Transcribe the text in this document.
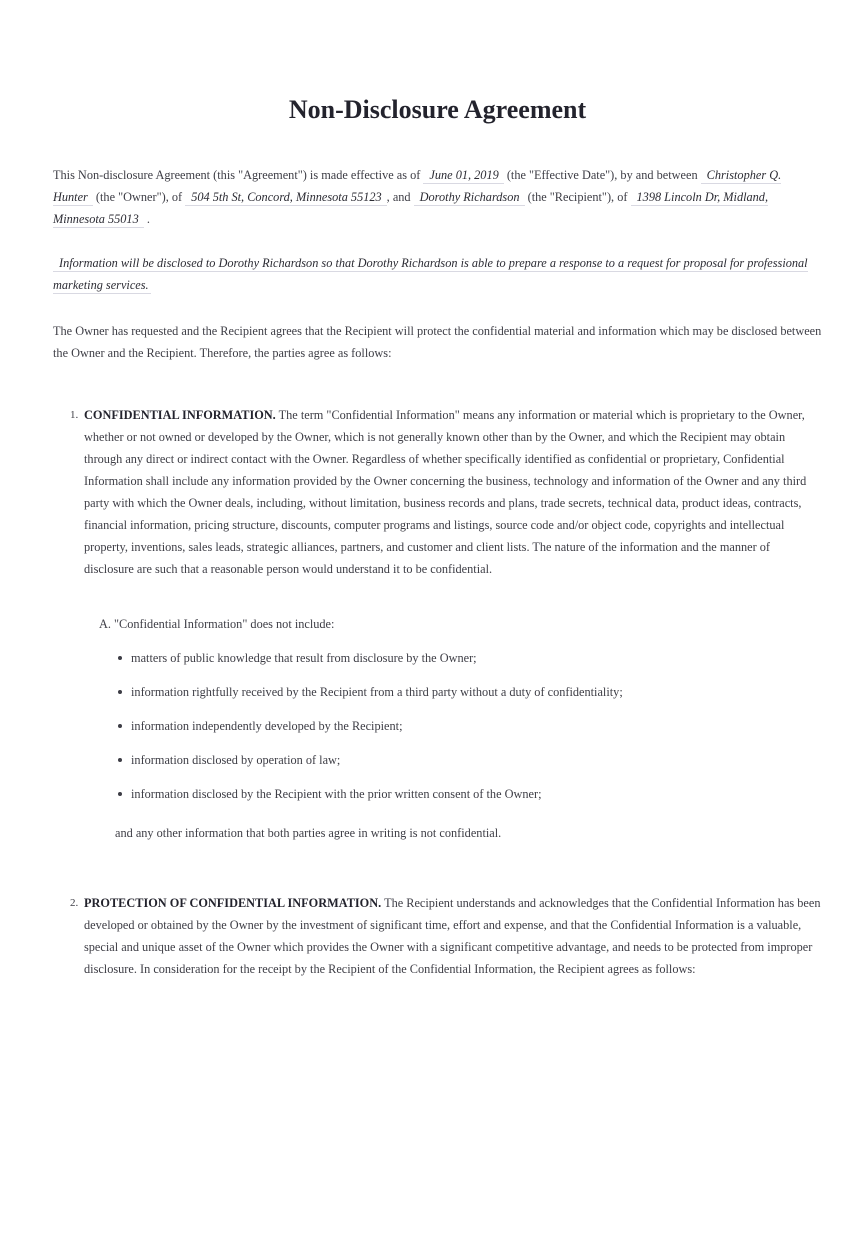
Non-Disclosure Agreement

This Non-disclosure Agreement (this "Agreement") is made effective as of June 01, 2019 (the "Effective Date"), by and between Christopher Q. Hunter (the "Owner"), of 504 5th St, Concord, Minnesota 55123 , and Dorothy Richardson (the "Recipient"), of 1398 Lincoln Dr, Midland, Minnesota 55013 .

Information will be disclosed to Dorothy Richardson so that Dorothy Richardson is able to prepare a response to a request for proposal for professional marketing services.

The Owner has requested and the Recipient agrees that the Recipient will protect the confidential material and information which may be disclosed between the Owner and the Recipient. Therefore, the parties agree as follows:

1. CONFIDENTIAL INFORMATION. The term "Confidential Information" means any information or material which is proprietary to the Owner, whether or not owned or developed by the Owner, which is not generally known other than by the Owner, and which the Recipient may obtain through any direct or indirect contact with the Owner. Regardless of whether specifically identified as confidential or proprietary, Confidential Information shall include any information provided by the Owner concerning the business, technology and information of the Owner and any third party with which the Owner deals, including, without limitation, business records and plans, trade secrets, technical data, product ideas, contracts, financial information, pricing structure, discounts, computer programs and listings, source code and/or object code, copyrights and intellectual property, inventions, sales leads, strategic alliances, partners, and customer and client lists. The nature of the information and the manner of disclosure are such that a reasonable person would understand it to be confidential.
A. "Confidential Information" does not include:
matters of public knowledge that result from disclosure by the Owner;
information rightfully received by the Recipient from a third party without a duty of confidentiality;
information independently developed by the Recipient;
information disclosed by operation of law;
information disclosed by the Recipient with the prior written consent of the Owner;
and any other information that both parties agree in writing is not confidential.
2. PROTECTION OF CONFIDENTIAL INFORMATION. The Recipient understands and acknowledges that the Confidential Information has been developed or obtained by the Owner by the investment of significant time, effort and expense, and that the Confidential Information is a valuable, special and unique asset of the Owner which provides the Owner with a significant competitive advantage, and needs to be protected from improper disclosure. In consideration for the receipt by the Recipient of the Confidential Information, the Recipient agrees as follows:
